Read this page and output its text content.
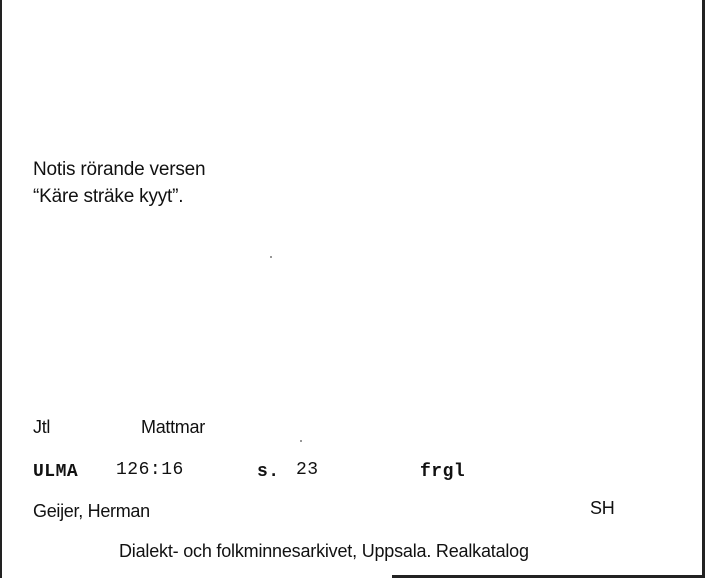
Notis rörande versen
“Käre sträke kyyt”.
Jtl	Mattmar
ULMA 126:16	s. 23	frgl
Geijer, Herman	SH
Dialekt- och folkminnesarkivet, Uppsala. Realkatalog
